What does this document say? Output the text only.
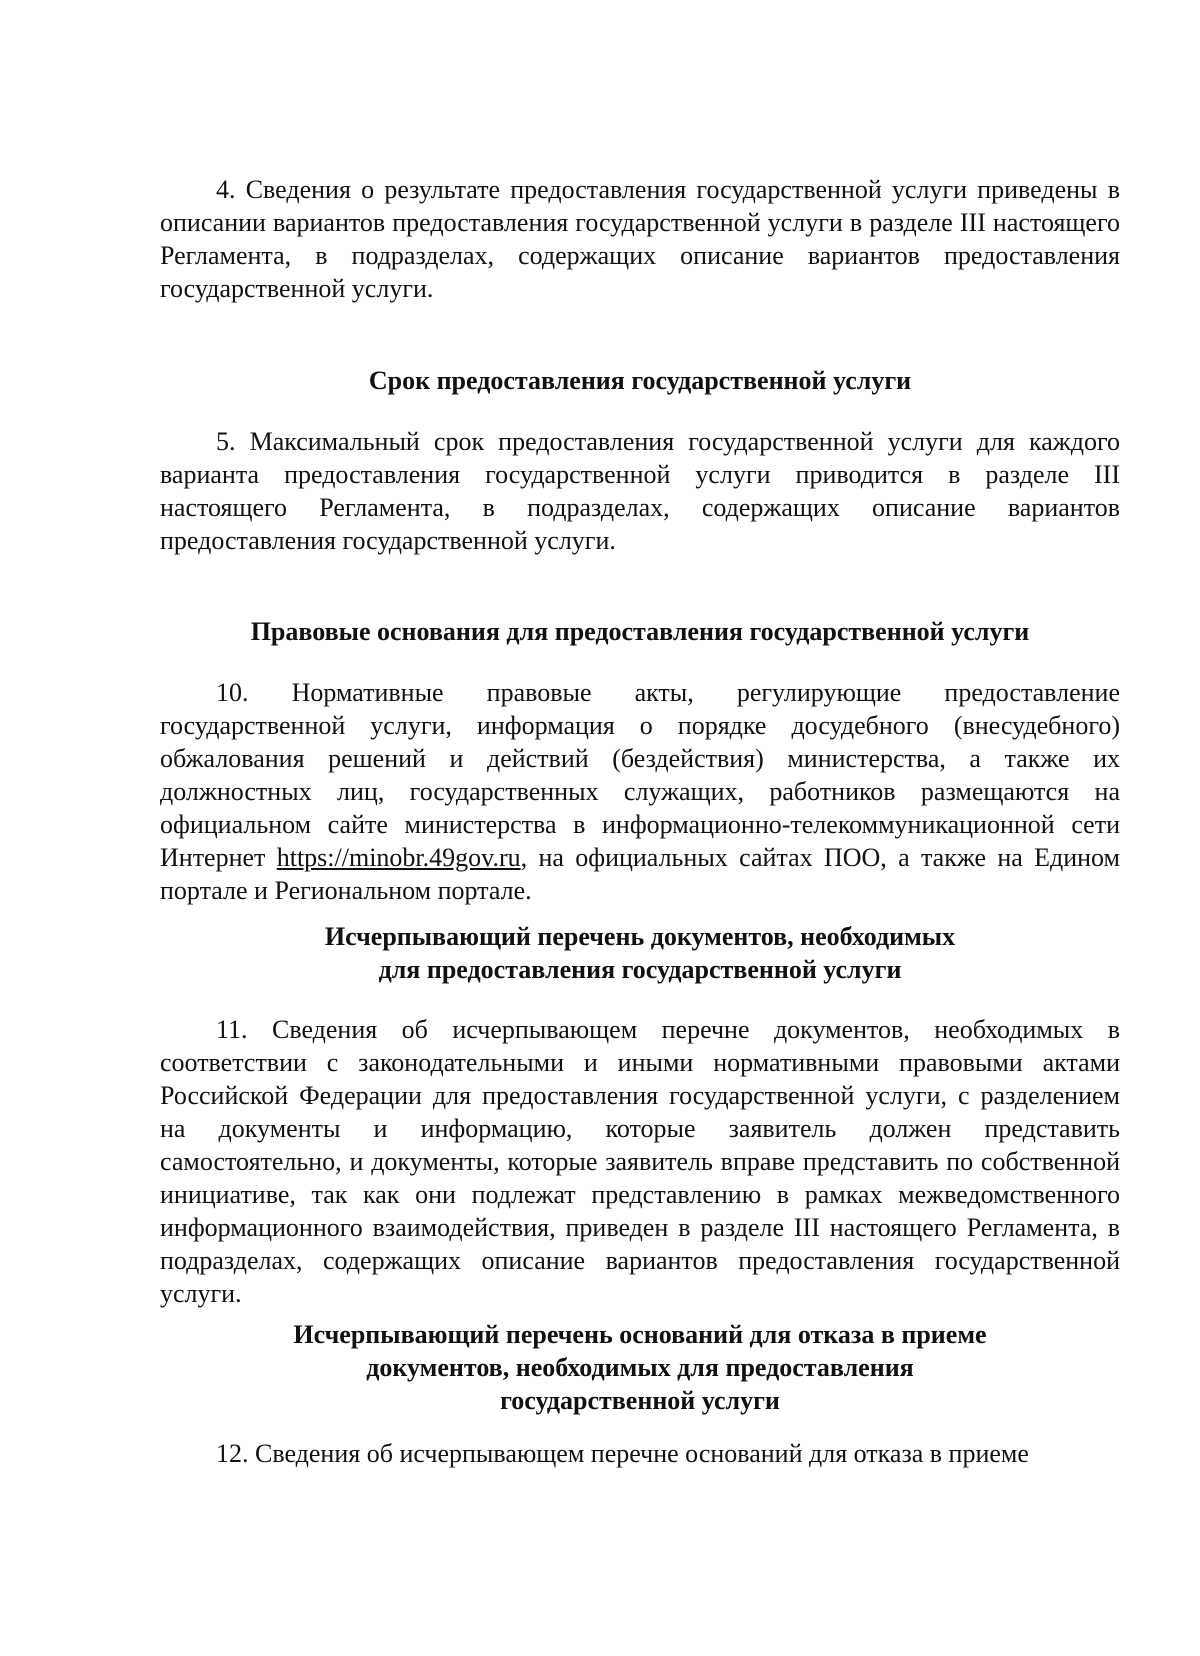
4. Сведения о результате предоставления государственной услуги приведены в описании вариантов предоставления государственной услуги в разделе III настоящего Регламента, в подразделах, содержащих описание вариантов предоставления государственной услуги.
Срок предоставления государственной услуги
5. Максимальный срок предоставления государственной услуги для каждого варианта предоставления государственной услуги приводится в разделе III настоящего Регламента, в подразделах, содержащих описание вариантов предоставления государственной услуги.
Правовые основания для предоставления государственной услуги
10. Нормативные правовые акты, регулирующие предоставление государственной услуги, информация о порядке досудебного (внесудебного) обжалования решений и действий (бездействия) министерства, а также их должностных лиц, государственных служащих, работников размещаются на официальном сайте министерства в информационно-телекоммуникационной сети Интернет https://minobr.49gov.ru, на официальных сайтах ПОО, а также на Едином портале и Региональном портале.
Исчерпывающий перечень документов, необходимых
для предоставления государственной услуги
11. Сведения об исчерпывающем перечне документов, необходимых в соответствии с законодательными и иными нормативными правовыми актами Российской Федерации для предоставления государственной услуги, с разделением на документы и информацию, которые заявитель должен представить самостоятельно, и документы, которые заявитель вправе представить по собственной инициативе, так как они подлежат представлению в рамках межведомственного информационного взаимодействия, приведен в разделе III настоящего Регламента, в подразделах, содержащих описание вариантов предоставления государственной услуги.
Исчерпывающий перечень оснований для отказа в приеме
документов, необходимых для предоставления
государственной услуги
12. Сведения об исчерпывающем перечне оснований для отказа в приеме
